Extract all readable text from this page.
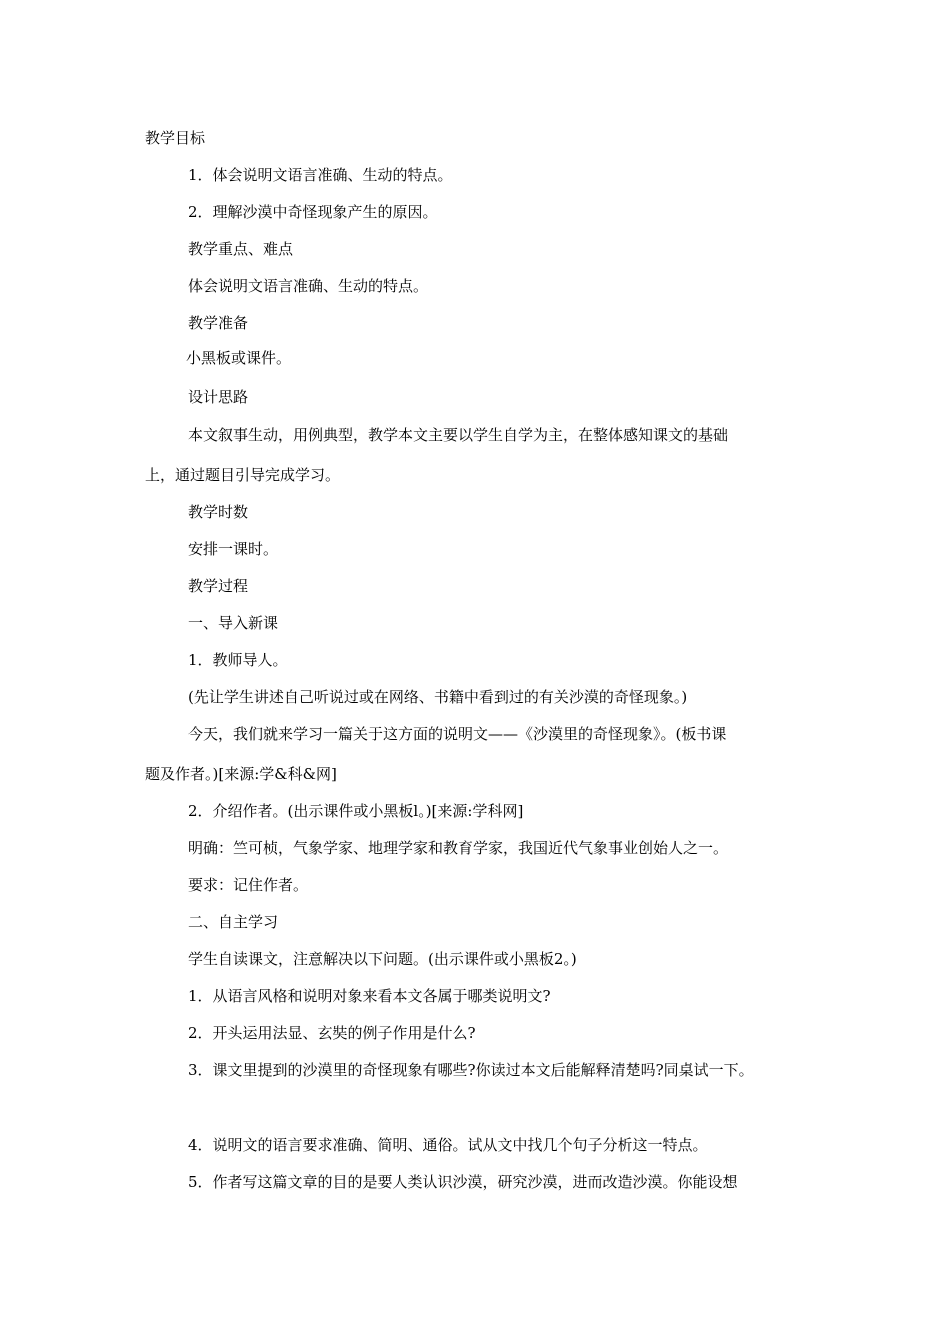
教学目标
1．体会说明文语言准确、生动的特点。
2．理解沙漠中奇怪现象产生的原因。
教学重点、难点
体会说明文语言准确、生动的特点。
教学准备
小黑板或课件。
设计思路
本文叙事生动，用例典型，教学本文主要以学生自学为主，在整体感知课文的基础
上，通过题目引导完成学习。
教学时数
安排一课时。
教学过程
一、导入新课
1．教师导人。
(先让学生讲述自己听说过或在网络、书籍中看到过的有关沙漠的奇怪现象。)
今天，我们就来学习一篇关于这方面的说明文——《沙漠里的奇怪现象》。(板书课
题及作者。)[来源:学&科&网]
2．介绍作者。(出示课件或小黑板l。)[来源:学科网]
明确：竺可桢，气象学家、地理学家和教育学家，我国近代气象事业创始人之一。
要求：记住作者。
二、自主学习
学生自读课文，注意解决以下问题。(出示课件或小黑板2。)
1．从语言风格和说明对象来看本文各属于哪类说明文?
2．开头运用法显、玄奘的例子作用是什么?
3．课文里提到的沙漠里的奇怪现象有哪些?你读过本文后能解释清楚吗?同桌试一下。
4．说明文的语言要求准确、简明、通俗。试从文中找几个句子分析这一特点。
5．作者写这篇文章的目的是要人类认识沙漠，研究沙漠，进而改造沙漠。你能设想
